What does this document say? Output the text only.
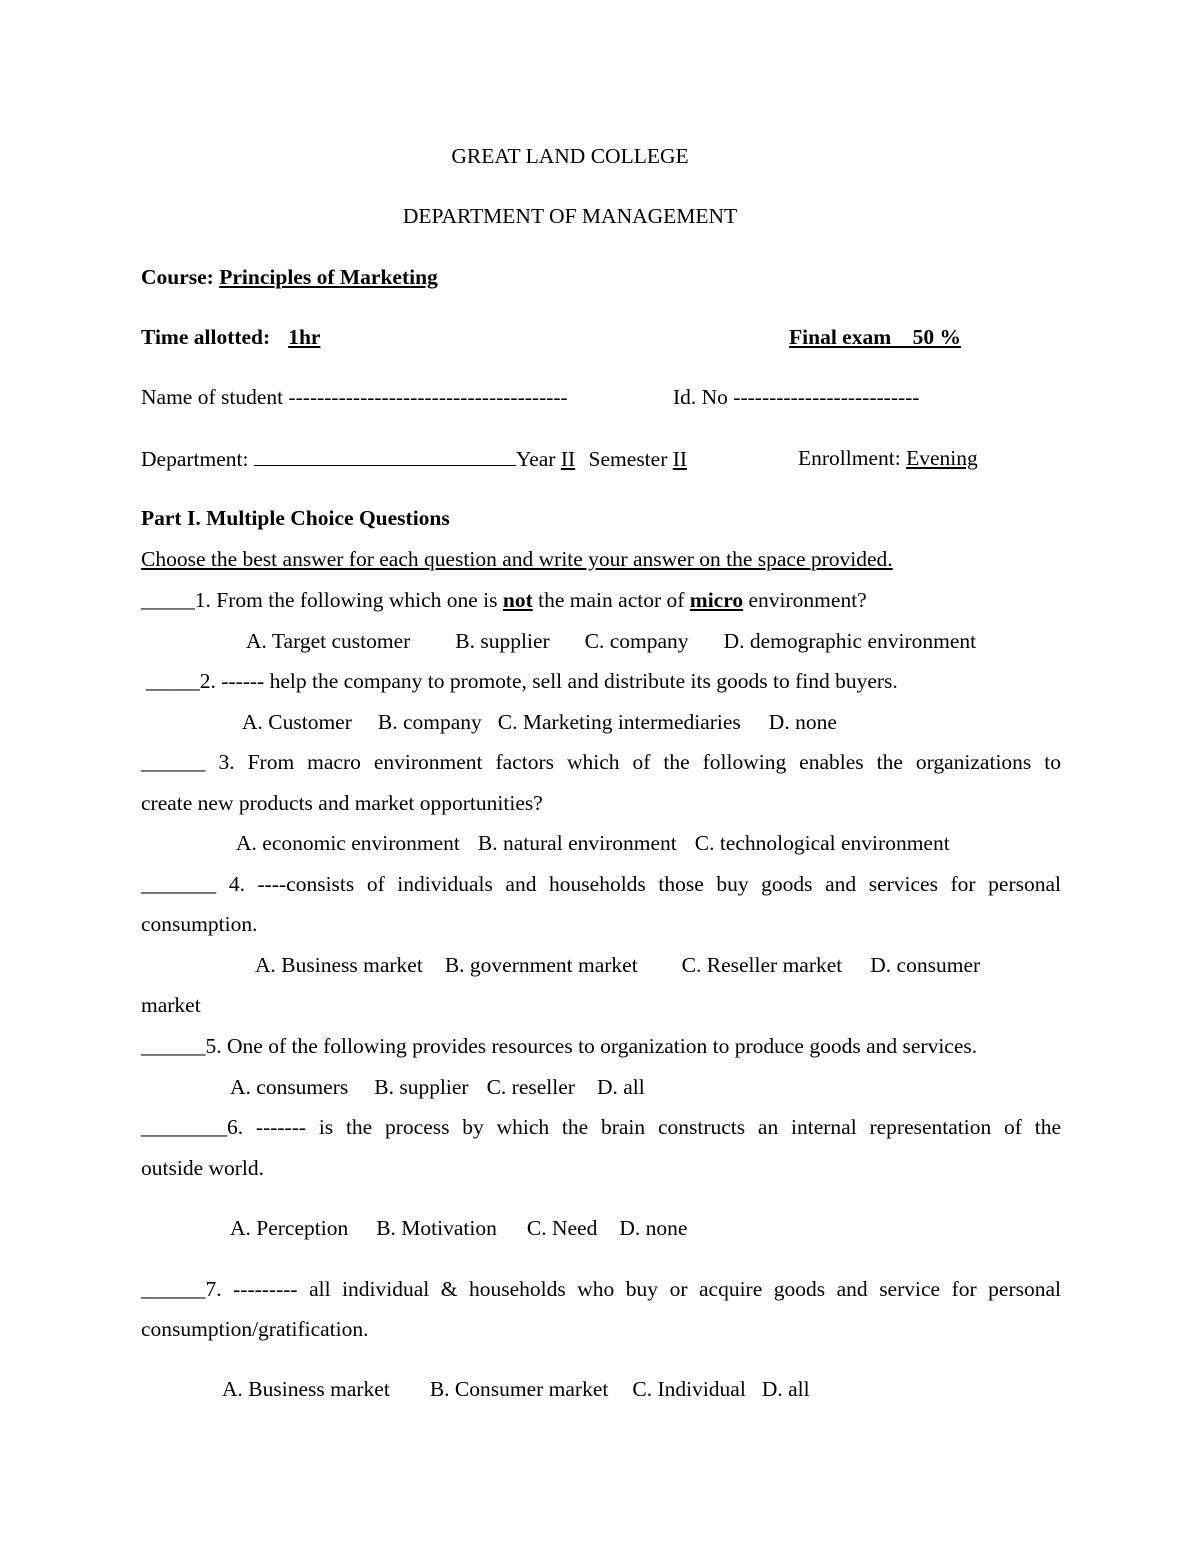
GREAT LAND COLLEGE
DEPARTMENT OF MANAGEMENT
Course: Principles of Marketing
Time allotted: 1hr	Final exam 50 %
Name of student ---------------------------------------	Id. No --------------------------
Department:	Year II Semester II	Enrollment: Evening
Part I. Multiple Choice Questions
Choose the best answer for each question and write your answer on the space provided.
_____1. From the following which one is not the main actor of micro environment?
A. Target customer B. supplier C. company D. demographic environment
_____2. ------ help the company to promote, sell and distribute its goods to find buyers.
A. Customer B. company C. Marketing intermediaries D. none
______ 3. From macro environment factors which of the following enables the organizations to
create new products and market opportunities?
A. economic environment B. natural environment C. technological environment
_______ 4. ----consists of individuals and households those buy goods and services for personal
consumption.
A. Business market B. government market C. Reseller market D. consumer
market
______5. One of the following provides resources to organization to produce goods and services.
A. consumers B. supplier C. reseller D. all
________6. ------- is the process by which the brain constructs an internal representation of the
outside world.
A. Perception B. Motivation C. Need D. none
______7. --------- all individual & households who buy or acquire goods and service for personal
consumption/gratification.
A. Business market B. Consumer market C. Individual D. all
